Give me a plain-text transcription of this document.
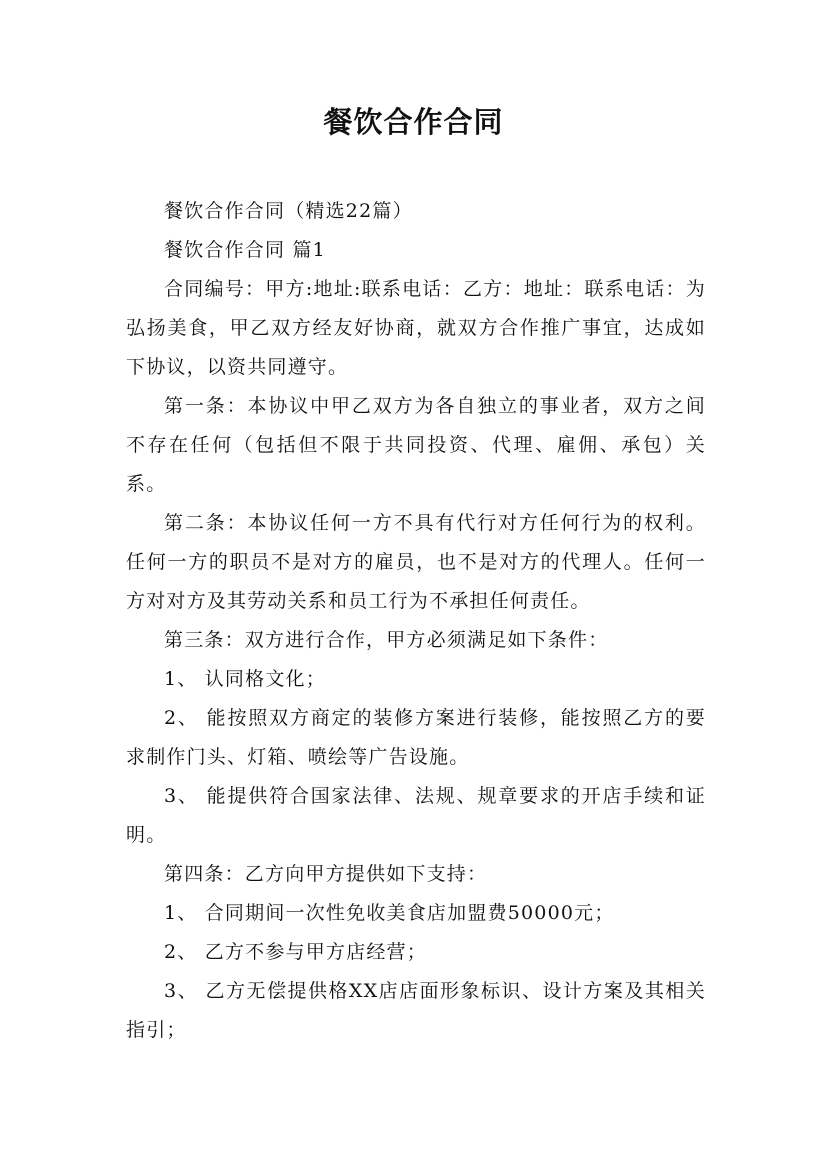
餐饮合作合同

餐饮合作合同（精选22篇）

餐饮合作合同 篇1

合同编号：甲方:地址:联系电话：乙方：地址：联系电话：为弘扬美食，甲乙双方经友好协商，就双方合作推广事宜，达成如下协议，以资共同遵守。

第一条：本协议中甲乙双方为各自独立的事业者，双方之间不存在任何（包括但不限于共同投资、代理、雇佣、承包）关系。

第二条：本协议任何一方不具有代行对方任何行为的权利。任何一方的职员不是对方的雇员，也不是对方的代理人。任何一方对对方及其劳动关系和员工行为不承担任何责任。

第三条：双方进行合作，甲方必须满足如下条件：

1、 认同格文化；

2、 能按照双方商定的装修方案进行装修，能按照乙方的要求制作门头、灯箱、喷绘等广告设施。

3、 能提供符合国家法律、法规、规章要求的开店手续和证明。

第四条：乙方向甲方提供如下支持：

1、 合同期间一次性免收美食店加盟费50000元；

2、 乙方不参与甲方店经营；

3、 乙方无偿提供格XX店店面形象标识、设计方案及其相关指引；
